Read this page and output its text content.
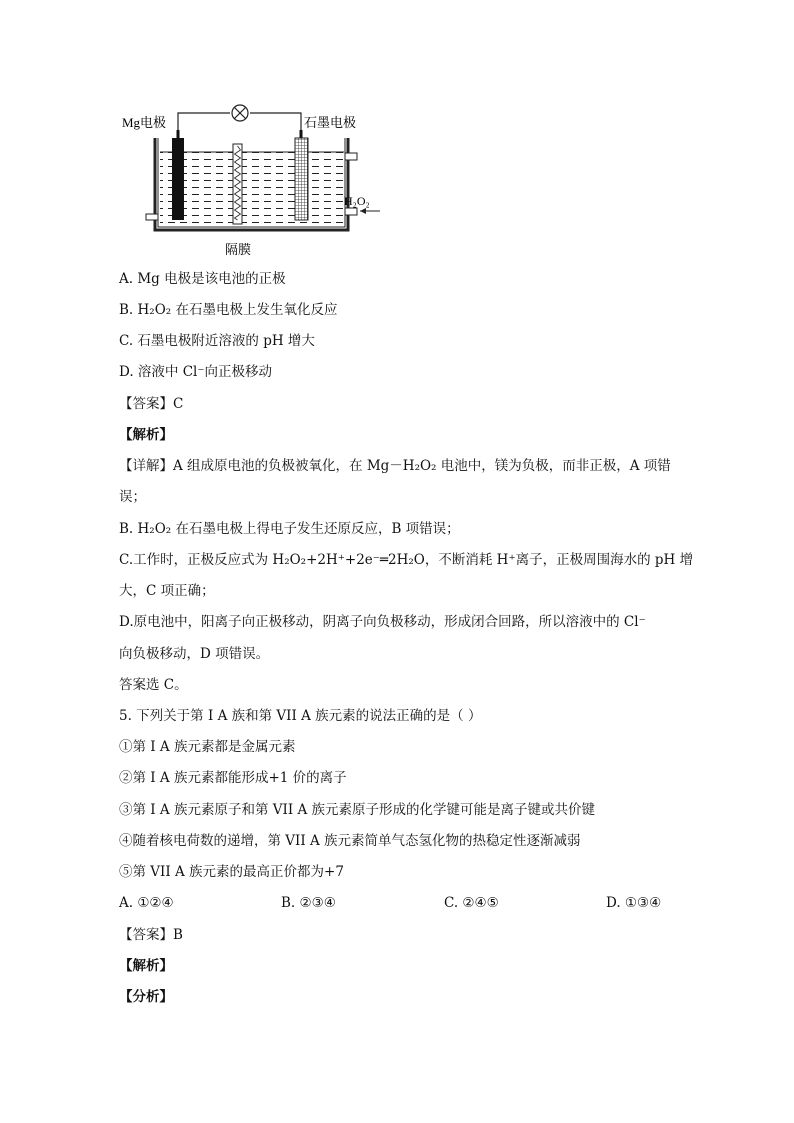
Mg电极	石墨电极
隔膜
H₂O₂
A. Mg 电极是该电池的正极
B. H₂O₂ 在石墨电极上发生氧化反应
C. 石墨电极附近溶液的 pH 增大
D. 溶液中 Cl⁻向正极移动
【答案】C
【解析】
【详解】A 组成原电池的负极被氧化，在 Mg－H₂O₂ 电池中，镁为负极，而非正极，A 项错
误；
B. H₂O₂ 在石墨电极上得电子发生还原反应，B 项错误；
C.工作时，正极反应式为 H₂O₂+2H⁺+2e⁻═2H₂O，不断消耗 H⁺离子，正极周围海水的 pH 增
大，C 项正确；
D.原电池中，阳离子向正极移动，阴离子向负极移动，形成闭合回路，所以溶液中的 Cl⁻
向负极移动，D 项错误。
答案选 C。
5. 下列关于第 I A 族和第 VII A 族元素的说法正确的是（ ）
①第 I A 族元素都是金属元素
②第 I A 族元素都能形成+1 价的离子
③第 I A 族元素原子和第 VII A 族元素原子形成的化学键可能是离子键或共价键
④随着核电荷数的递增，第 VII A 族元素简单气态氢化物的热稳定性逐渐减弱
⑤第 VII A 族元素的最高正价都为+7
A. ①②④	B. ②③④	C. ②④⑤	D. ①③④
【答案】B
【解析】
【分析】
